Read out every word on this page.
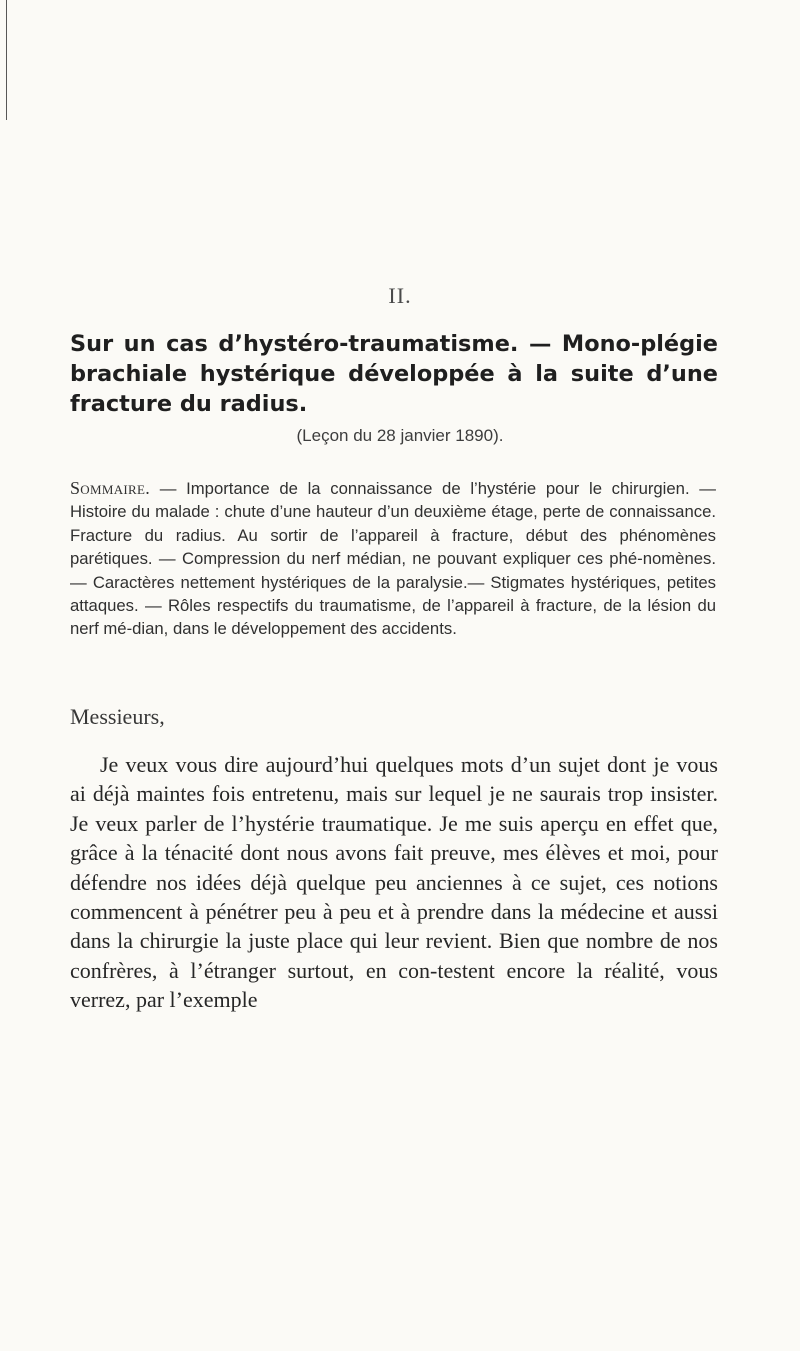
II.
Sur un cas d’hystéro-traumatisme. — Mono-plégie brachiale hystérique développée à la suite d’une fracture du radius.
(Leçon du 28 janvier 1890).

Sommaire. — Importance de la connaissance de l’hystérie pour le chirurgien. — Histoire du malade : chute d’une hauteur d’un deuxième étage, perte de connaissance. Fracture du radius. Au sortir de l’appareil à fracture, début des phénomènes parétiques. — Compression du nerf médian, ne pouvant expliquer ces phé-nomènes. — Caractères nettement hystériques de la paralysie.— Stigmates hystériques, petites attaques. — Rôles respectifs du traumatisme, de l’appareil à fracture, de la lésion du nerf mé-dian, dans le développement des accidents.

Messieurs,

Je veux vous dire aujourd’hui quelques mots d’un sujet dont je vous ai déjà maintes fois entretenu, mais sur lequel je ne saurais trop insister. Je veux parler de l’hystérie traumatique. Je me suis aperçu en effet que, grâce à la ténacité dont nous avons fait preuve, mes élèves et moi, pour défendre nos idées déjà quelque peu anciennes à ce sujet, ces notions commencent à pénétrer peu à peu et à prendre dans la médecine et aussi dans la chirurgie la juste place qui leur revient. Bien que nombre de nos confrères, à l’étranger surtout, en con-testent encore la réalité, vous verrez, par l’exemple
